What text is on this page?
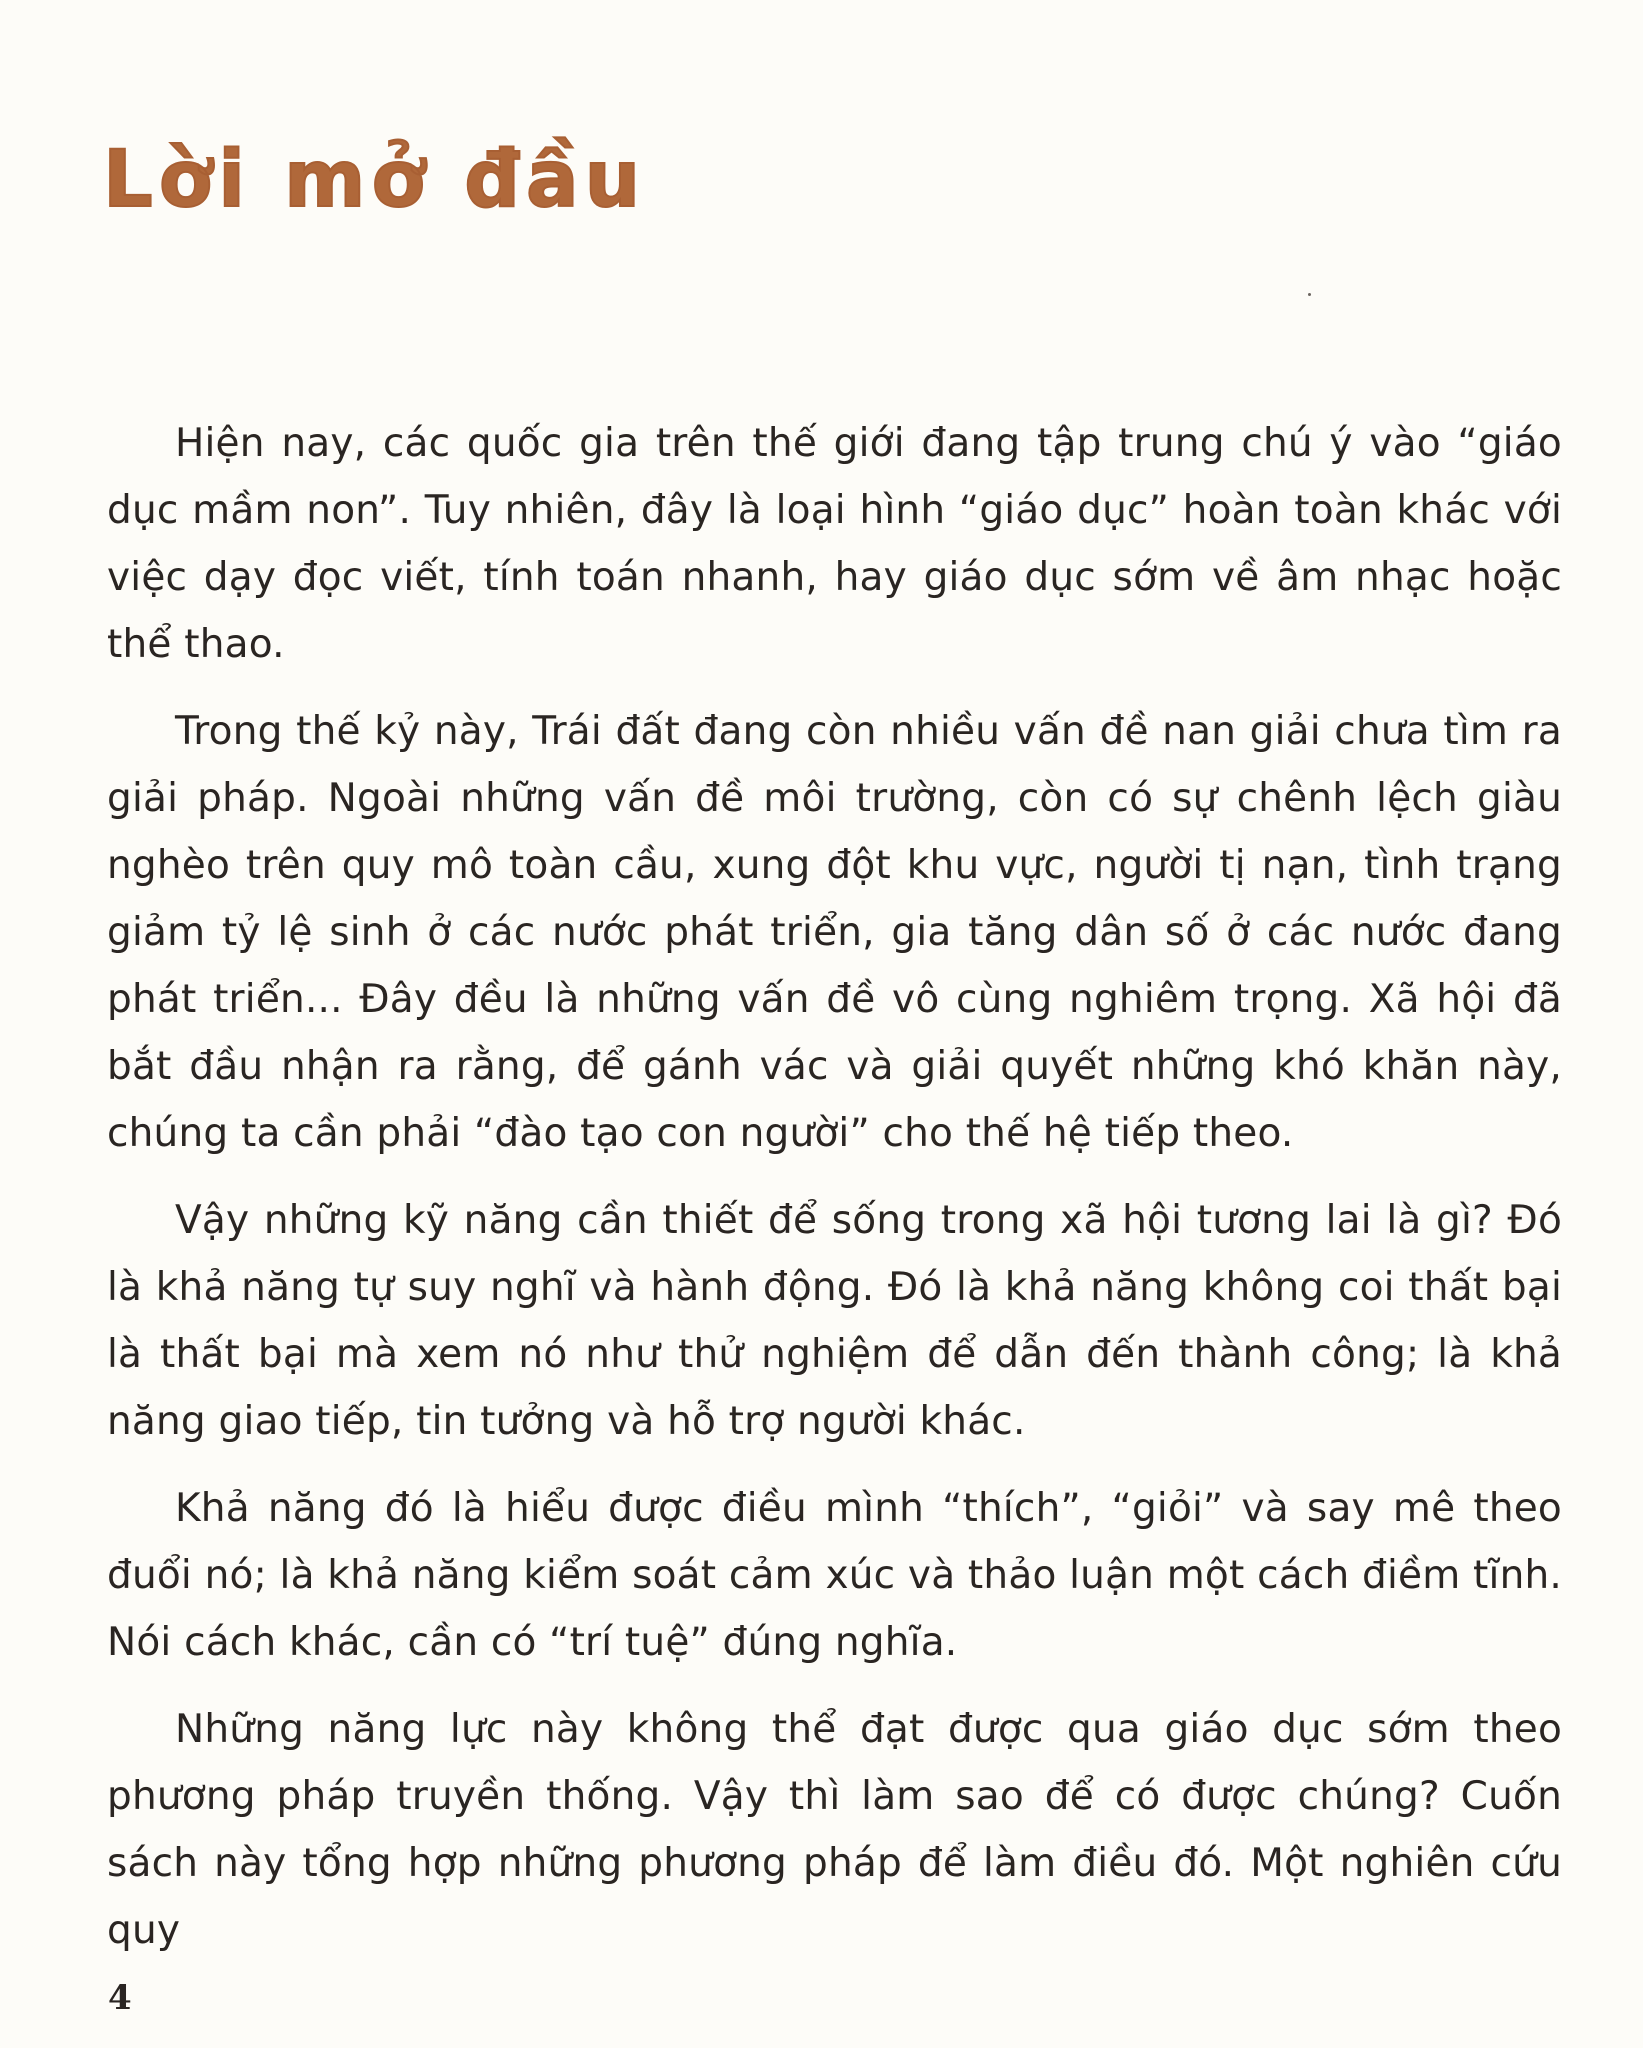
Lời mở đầu

Hiện nay, các quốc gia trên thế giới đang tập trung chú ý vào “giáo dục mầm non”. Tuy nhiên, đây là loại hình “giáo dục” hoàn toàn khác với việc dạy đọc viết, tính toán nhanh, hay giáo dục sớm về âm nhạc hoặc thể thao.

Trong thế kỷ này, Trái đất đang còn nhiều vấn đề nan giải chưa tìm ra giải pháp. Ngoài những vấn đề môi trường, còn có sự chênh lệch giàu nghèo trên quy mô toàn cầu, xung đột khu vực, người tị nạn, tình trạng giảm tỷ lệ sinh ở các nước phát triển, gia tăng dân số ở các nước đang phát triển... Đây đều là những vấn đề vô cùng nghiêm trọng. Xã hội đã bắt đầu nhận ra rằng, để gánh vác và giải quyết những khó khăn này, chúng ta cần phải “đào tạo con người” cho thế hệ tiếp theo.

Vậy những kỹ năng cần thiết để sống trong xã hội tương lai là gì? Đó là khả năng tự suy nghĩ và hành động. Đó là khả năng không coi thất bại là thất bại mà xem nó như thử nghiệm để dẫn đến thành công; là khả năng giao tiếp, tin tưởng và hỗ trợ người khác.

Khả năng đó là hiểu được điều mình “thích”, “giỏi” và say mê theo đuổi nó; là khả năng kiểm soát cảm xúc và thảo luận một cách điềm tĩnh. Nói cách khác, cần có “trí tuệ” đúng nghĩa.

Những năng lực này không thể đạt được qua giáo dục sớm theo phương pháp truyền thống. Vậy thì làm sao để có được chúng? Cuốn sách này tổng hợp những phương pháp để làm điều đó. Một nghiên cứu quy

4
